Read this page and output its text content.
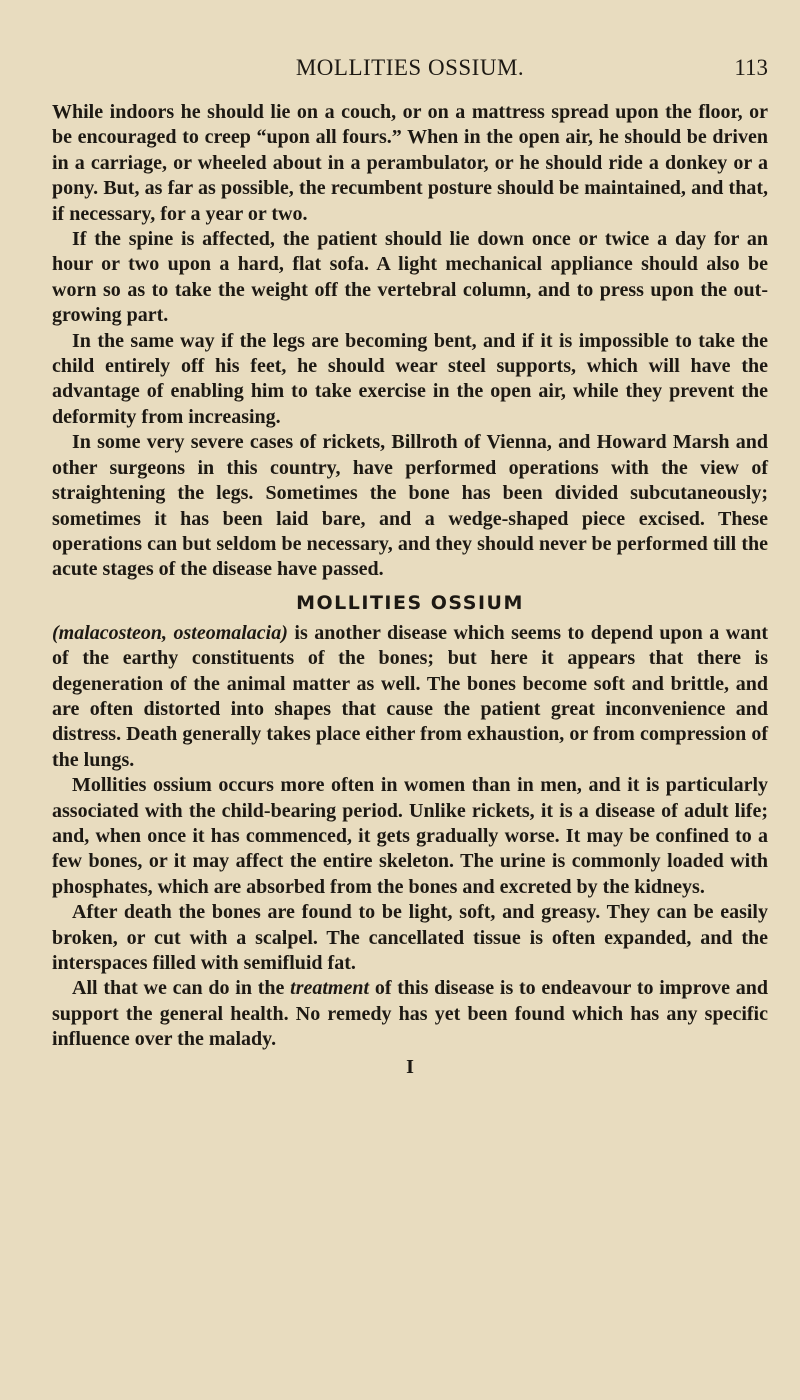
MOLLITIES OSSIUM.	113

While indoors he should lie on a couch, or on a mattress spread upon the floor, or be encouraged to creep “upon all fours.” When in the open air, he should be driven in a carriage, or wheeled about in a perambulator, or he should ride a donkey or a pony. But, as far as possible, the recumbent posture should be maintained, and that, if necessary, for a year or two.

If the spine is affected, the patient should lie down once or twice a day for an hour or two upon a hard, flat sofa. A light mechanical appliance should also be worn so as to take the weight off the vertebral column, and to press upon the out-growing part.

In the same way if the legs are becoming bent, and if it is impossible to take the child entirely off his feet, he should wear steel supports, which will have the advantage of enabling him to take exercise in the open air, while they prevent the deformity from increasing.

In some very severe cases of rickets, Billroth of Vienna, and Howard Marsh and other surgeons in this country, have performed operations with the view of straightening the legs. Sometimes the bone has been divided subcutaneously; sometimes it has been laid bare, and a wedge-shaped piece excised. These operations can but seldom be necessary, and they should never be performed till the acute stages of the disease have passed.

MOLLITIES OSSIUM

(malacosteon, osteomalacia) is another disease which seems to depend upon a want of the earthy constituents of the bones; but here it appears that there is degeneration of the animal matter as well. The bones become soft and brittle, and are often distorted into shapes that cause the patient great inconvenience and distress. Death generally takes place either from exhaustion, or from compression of the lungs.

Mollities ossium occurs more often in women than in men, and it is particularly associated with the child-bearing period. Unlike rickets, it is a disease of adult life; and, when once it has commenced, it gets gradually worse. It may be confined to a few bones, or it may affect the entire skeleton. The urine is commonly loaded with phosphates, which are absorbed from the bones and excreted by the kidneys.

After death the bones are found to be light, soft, and greasy. They can be easily broken, or cut with a scalpel. The cancellated tissue is often expanded, and the interspaces filled with semifluid fat.

All that we can do in the treatment of this disease is to endeavour to improve and support the general health. No remedy has yet been found which has any specific influence over the malady.

I
